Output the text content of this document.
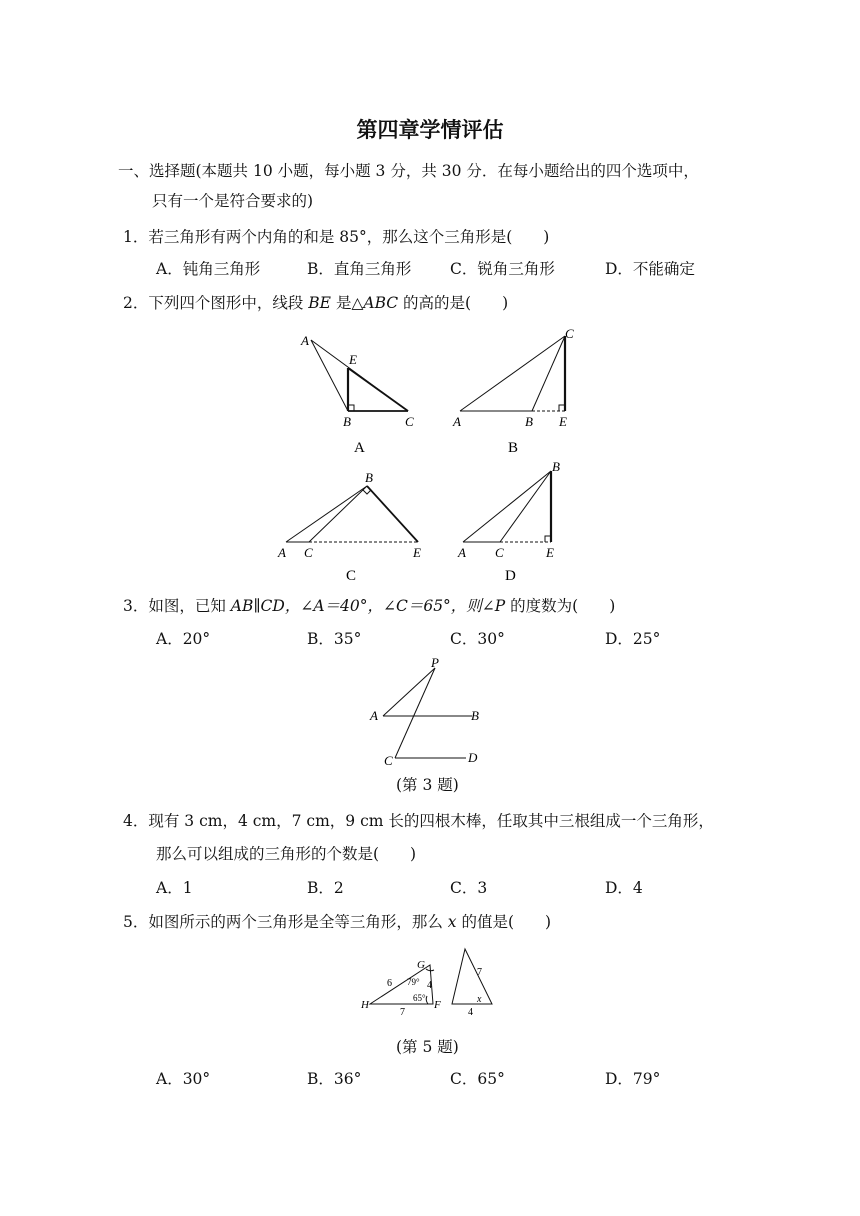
第四章学情评估
一、选择题(本题共 10 小题，每小题 3 分，共 30 分．在每小题给出的四个选项中，
只有一个是符合要求的)
1．若三角形有两个内角的和是 85°，那么这个三角形是(　　)
A．钝角三角形	B．直角三角形 C．锐角三角形	D．不能确定
2．下列四个图形中，线段 BE 是△ABC 的高的是(　　)
A
E
B	C
A
C
A	B E
B
B
A C	E
C
B
A C	E
D
3．如图，已知 AB∥CD，∠A＝40°，∠C＝65°，则∠P 的度数为(　　)
A．20°	B．35°	C．30°	D．25°
P
A	B
C	D
(第 3 题)
4．现有 3 cm，4 cm，7 cm，9 cm 长的四根木棒，任取其中三根组成一个三角形，
那么可以组成的三角形的个数是(　　)
A．1	B．2	C．3	D．4
5．如图所示的两个三角形是全等三角形，那么 x 的值是(　　)
H
G
F
6	4
7
79°
65°
7
4
x
(第 5 题)
A．30°	B．36°	C．65°	D．79°
